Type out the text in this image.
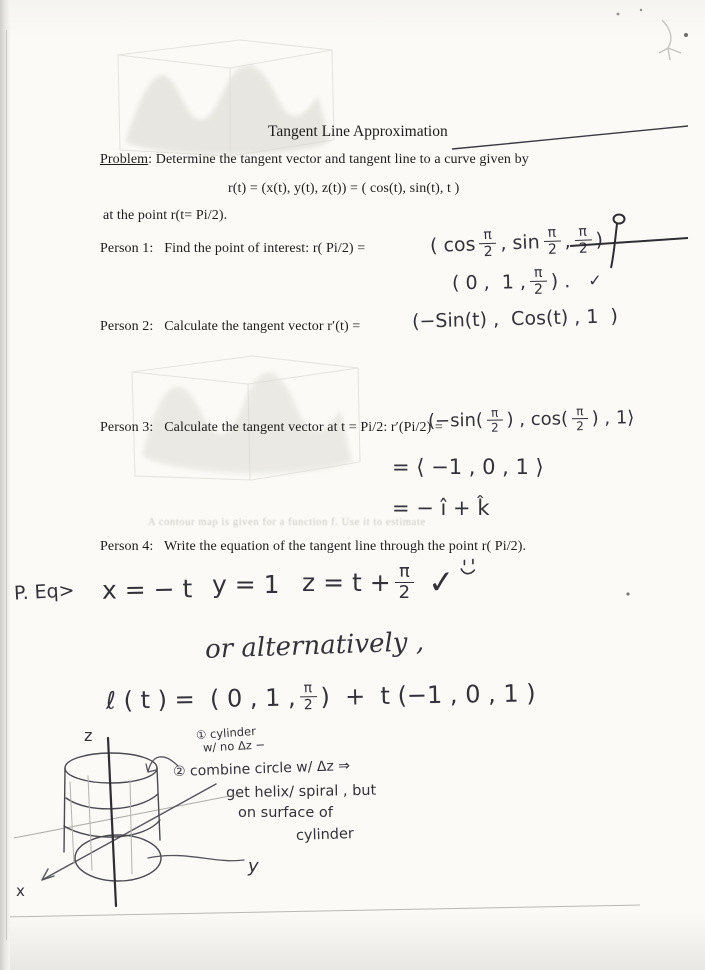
Tangent Line Approximation
Problem: Determine the tangent vector and tangent line to a curve given by
r(t) = (x(t), y(t), z(t)) = ( cos(t), sin(t), t )
at the point r(t= Pi/2).
Person 1: Find the point of interest: r( Pi/2) =
Person 2: Calculate the tangent vector r′(t) =
Person 3: Calculate the tangent vector at t = Pi/2: r′(Pi/2) =
Person 4: Write the equation of the tangent line through the point r( Pi/2).
A contour map is given for a function f. Use it to estimate
( $\cos \frac{\pi}{2}$ , $\sin \frac{\pi}{2}$ , $\frac{\pi}{2}$ )
( 0 ,  1 , $\frac{\pi}{2}$ ) . ✓
(−Sin(t) ,  Cos(t) , 1  )
($-\sin( \frac{\pi}{2}$ ) , $\cos( \frac{\pi}{2}$ ) , 1⟩
= ⟨ −1 , 0 , 1 ⟩
= − î + k̂
P. Eq> x = − t y = 1 $z = t + \frac{\pi}{2}$ ✓
or alternatively ,
ℓ ( t ) =  ( 0 , 1 , $\frac{\pi}{2}$ )  +  t (−1 , 0 , 1 )
① cylinder
w/ no Δz −
② combine circle w/ Δz ⇒
get helix/ spiral , but
on surface of
cylinder
z
x
y
